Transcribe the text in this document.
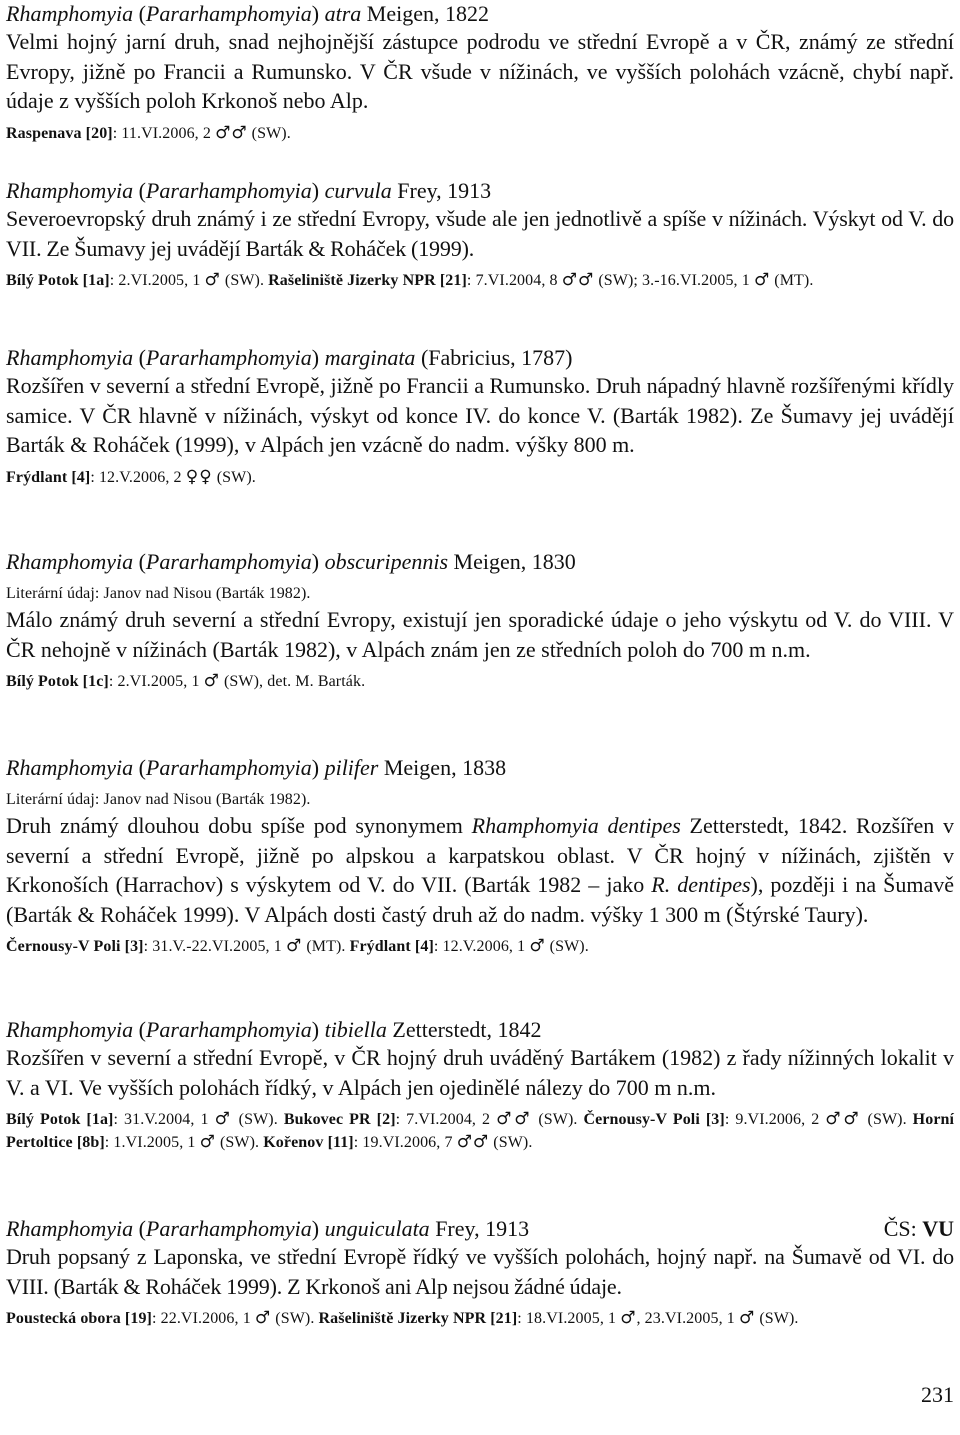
Rhamphomyia (Pararhamphomyia) atra Meigen, 1822
Velmi hojný jarní druh, snad nejhojnější zástupce podrodu ve střední Evropě a v ČR, známý ze střední Evropy, jižně po Francii a Rumunsko. V ČR všude v nížinách, ve vyšších polohách vzácně, chybí např. údaje z vyšších poloh Krkonoš nebo Alp.
Raspenava [20]: 11.VI.2006, 2 ♂♂ (SW).
Rhamphomyia (Pararhamphomyia) curvula Frey, 1913
Severoevropský druh známý i ze střední Evropy, všude ale jen jednotlivě a spíše v nížinách. Výskyt od V. do VII. Ze Šumavy jej uvádějí Barták & Roháček (1999).
Bílý Potok [1a]: 2.VI.2005, 1 ♂ (SW). Rašeliniště Jizerky NPR [21]: 7.VI.2004, 8 ♂♂ (SW); 3.-16.VI.2005, 1 ♂ (MT).
Rhamphomyia (Pararhamphomyia) marginata (Fabricius, 1787)
Rozšířen v severní a střední Evropě, jižně po Francii a Rumunsko. Druh nápadný hlavně rozšířenými křídly samice. V ČR hlavně v nížinách, výskyt od konce IV. do konce V. (Barták 1982). Ze Šumavy jej uvádějí Barták & Roháček (1999), v Alpách jen vzácně do nadm. výšky 800 m.
Frýdlant [4]: 12.V.2006, 2 ♀♀ (SW).
Rhamphomyia (Pararhamphomyia) obscuripennis Meigen, 1830
Literární údaj: Janov nad Nisou (Barták 1982).
Málo známý druh severní a střední Evropy, existují jen sporadické údaje o jeho výskytu od V. do VIII. V ČR nehojně v nížinách (Barták 1982), v Alpách znám jen ze středních poloh do 700 m n.m.
Bílý Potok [1c]: 2.VI.2005, 1 ♂ (SW), det. M. Barták.
Rhamphomyia (Pararhamphomyia) pilifer Meigen, 1838
Literární údaj: Janov nad Nisou (Barták 1982).
Druh známý dlouhou dobu spíše pod synonymem Rhamphomyia dentipes Zetterstedt, 1842. Rozšířen v severní a střední Evropě, jižně po alpskou a karpatskou oblast. V ČR hojný v nížinách, zjištěn v Krkonoších (Harrachov) s výskytem od V. do VII. (Barták 1982 – jako R. dentipes), později i na Šumavě (Barták & Roháček 1999). V Alpách dosti častý druh až do nadm. výšky 1 300 m (Štýrské Taury).
Černousy-V Poli [3]: 31.V.-22.VI.2005, 1 ♂ (MT). Frýdlant [4]: 12.V.2006, 1 ♂ (SW).
Rhamphomyia (Pararhamphomyia) tibiella Zetterstedt, 1842
Rozšířen v severní a střední Evropě, v ČR hojný druh uváděný Bartákem (1982) z řady nížinných lokalit v V. a VI. Ve vyšších polohách řídký, v Alpách jen ojedinělé nálezy do 700 m n.m.
Bílý Potok [1a]: 31.V.2004, 1 ♂ (SW). Bukovec PR [2]: 7.VI.2004, 2 ♂♂ (SW). Černousy-V Poli [3]: 9.VI.2006, 2 ♂♂ (SW). Horní Pertoltice [8b]: 1.VI.2005, 1 ♂ (SW). Kořenov [11]: 19.VI.2006, 7 ♂♂ (SW).
Rhamphomyia (Pararhamphomyia) unguiculata Frey, 1913	ČS: VU
Druh popsaný z Laponska, ve střední Evropě řídký ve vyšších polohách, hojný např. na Šumavě od VI. do VIII. (Barták & Roháček 1999). Z Krkonoš ani Alp nejsou žádné údaje.
Poustecká obora [19]: 22.VI.2006, 1 ♂ (SW). Rašeliniště Jizerky NPR [21]: 18.VI.2005, 1 ♂, 23.VI.2005, 1 ♂ (SW).
231
